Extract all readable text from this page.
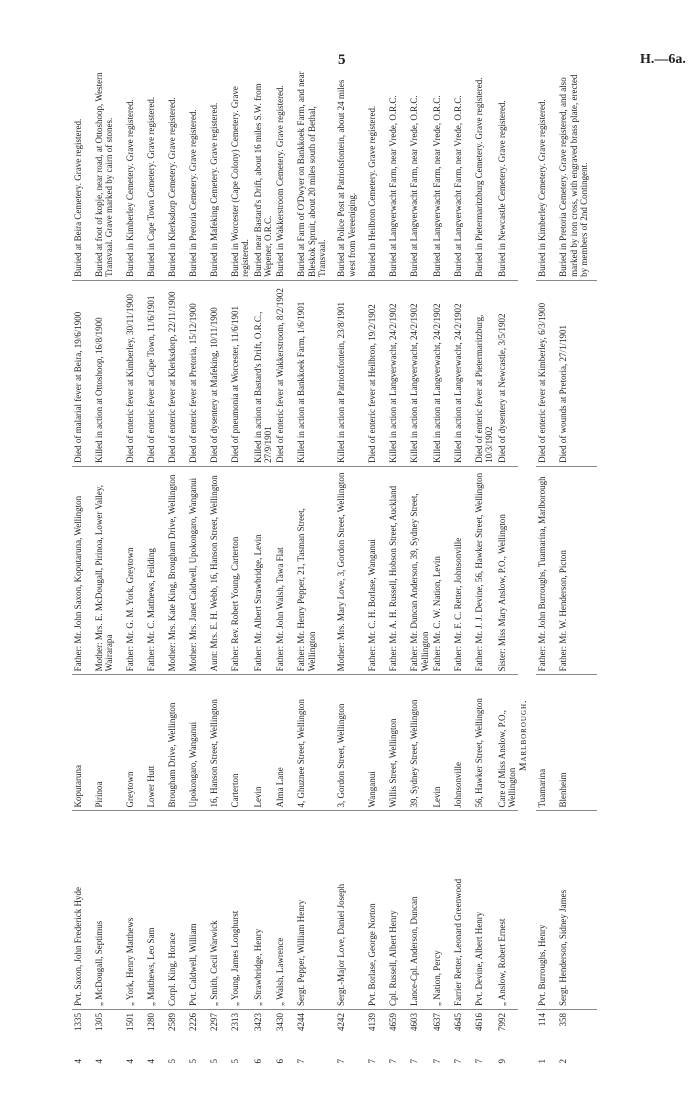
5	H.—6a.
4	1335	Pvt. Saxon, John Frederick Hyde	Koputaruna	Father: Mr. John Saxon, Koputaruna, Wellington	Died of malarial fever at Beira, 19/6/1900	Buried at Beira Cemetery. Grave registered.
4	1305	„ McDougall, Septimus	Pirinoa	Mother: Mrs. E. McDougall, Pirinoa, Lower Valley, Wairarapa	Killed in action at Ottoshoop, 16/8/1900	Buried at foot of kopje, near road, at Ottoshoop, Western Transvaal. Grave marked by cairn of stones.
4	1501	„ York, Henry Matthews	Greytown	Father: Mr. G. M. York, Greytown	Died of enteric fever at Kimberley, 30/11/1900	Buried in Kimberley Cemetery. Grave registered.
4	1280	„ Matthews, Leo Sam	Lower Hutt	Father: Mr. C. Matthews, Feilding	Died of enteric fever at Cape Town, 11/6/1901	Buried in Cape Town Cemetery. Grave registered.
5	2589	Corpl. King, Horace	Brougham Drive, Wellington	Mother: Mrs. Kate King, Brougham Drive, Wellington	Died of enteric fever at Klerksdorp, 22/11/1900	Buried in Klerksdorp Cemetery. Grave registered.
5	2226	Pvt. Caldwell, William	Upokongaro, Wanganui	Mother: Mrs. Janet Caldwell, Upokongaro, Wanganui	Died of enteric fever at Pretoria, 15/12/1900	Buried in Pretoria Cemetery. Grave registered.
5	2297	„ Smith, Cecil Warwick	16, Hanson Street, Wellington	Aunt: Mrs. E. H. Webb, 16, Hanson Street, Wellington	Died of dysentery at Mafeking, 10/11/1900	Buried in Mafeking Cemetery. Grave registered.
5	2313	„ Young, James Longhurst	Carterton	Father: Rev. Robert Young, Carterton	Died of pneumonia at Worcester, 11/6/1901	Buried in Worcester (Cape Colony) Cemetery. Grave registered.
6	3423	„ Strawbridge, Henry	Levin	Father: Mr. Albert Strawbridge, Levin	Killed in action at Bastard's Drift, O.R.C., 27/9/1901	Buried near Bastard's Drift, about 16 miles S.W. from Wepener, O.R.C.
6	3430	„ Walsh, Lawrence	Alma Lane	Father: Mr. John Walsh, Tawa Flat	Died of enteric fever at Wakkerstroom, 8/2/1902	Buried in Wakkerstroom Cemetery. Grave registered.
7	4244	Sergt. Pepper, William Henry	4, Ghuznee Street, Wellington	Father: Mr. Henry Pepper, 21, Tasman Street, Wellington	Killed in action at Bankkoek Farm, 1/6/1901	Buried at Farm of O'Dwyer on Bankkoek Farm, and near Bleskok Spruit, about 20 miles south of Bethal, Transvaal.
7	4242	Sergt.-Major Love, Daniel Joseph	3, Gordon Street, Wellington	Mother: Mrs. Mary Love, 3, Gordon Street, Wellington	Killed in action at Patriotsfontein, 23/8/1901	Buried at Police Post at Patriotsfontein, about 24 miles west from Vereeniging.
7	4139	Pvt. Borlase, George Norton	Wanganui	Father: Mr. C. H. Borlase, Wanganui	Died of enteric fever at Heilbron, 19/2/1902	Buried in Heilbron Cemetery. Grave registered.
7	4659	Cpl. Russell, Albert Henry	Willis Street, Wellington	Father: Mr. A. H. Russell, Hobson Street, Auckland	Killed in action at Langverwacht, 24/2/1902	Buried at Langverwacht Farm, near Vrede, O.R.C.
7	4603	Lance-Cpl. Anderson, Duncan	39, Sydney Street, Wellington	Father: Mr. Duncan Anderson, 39, Sydney Street, Wellington	Killed in action at Langverwacht, 24/2/1902	Buried at Langverwacht Farm, near Vrede, O.R.C.
7	4637	„ Nation, Percy	Levin	Father: Mr. C. W. Nation, Levin	Killed in action at Langverwacht, 24/2/1902	Buried at Langverwacht Farm, near Vrede, O.R.C.
7	4645	Farrier Retter, Leonard Greenwood	Johnsonville	Father: Mr. F. C. Retter, Johnsonville	Killed in action at Langverwacht, 24/2/1902	Buried at Langverwacht Farm, near Vrede, O.R.C.
7	4616	Pvt. Devine, Albert Henry	56, Hawker Street, Wellington	Father: Mr. J. J. Devine, 56, Hawker Street, Wellington	Died of enteric fever at Pietermaritzburg, 10/3/1902	Buried in Pietermaritzburg Cemetery. Grave registered.
9	7992	„ Anslow, Robert Ernest	Care of Miss Anslow, P.O., Wellington	Sister: Miss Mary Anslow, P.O., Wellington	Died of dysentery at Newcastle, 3/5/1902	Buried in Newcastle Cemetery. Grave registered.
			Marlborough.			
1	114	Pvt. Burroughs, Henry	Tuamarina	Father: Mr. John Burroughs, Tuamarina, Marlborough	Died of enteric fever at Kimberley, 6/3/1900	Buried in Kimberley Cemetery. Grave registered.
2	358	Sergt. Henderson, Sidney James	Blenheim	Father: Mr. W. Henderson, Picton	Died of wounds at Pretoria, 27/1/1901	Buried in Pretoria Cemetery. Grave registered, and also marked by iron cross, with engraved brass plate, erected by members of 2nd Contingent.
